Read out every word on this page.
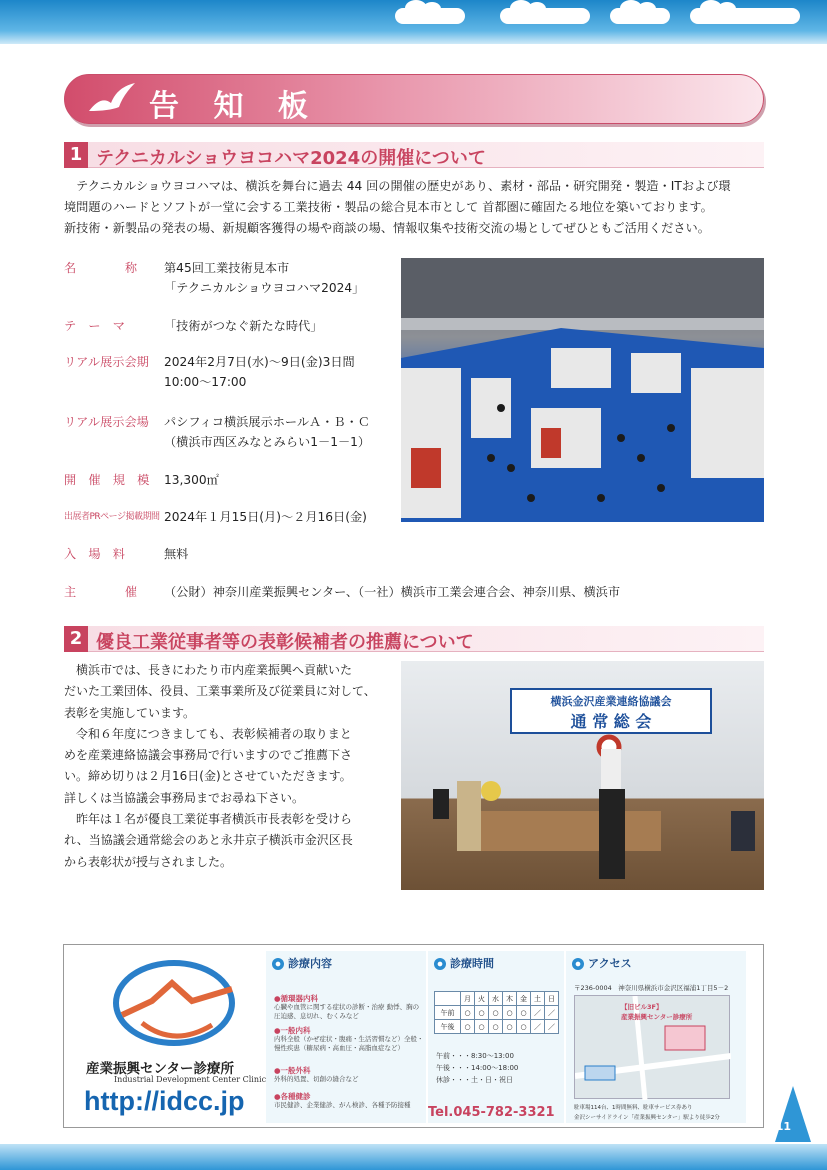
告 知 板
1 テクニカルショウヨコハマ2024の開催について
テクニカルショウヨコハマは、横浜を舞台に過去 44 回の開催の歴史があり、素材・部品・研究開発・製造・ITおよび環
境問題のハードとソフトが一堂に会する工業技術・製品の総合見本市として 首都圏に確固たる地位を築いております。
新技術・新製品の発表の場、新規顧客獲得の場や商談の場、情報収集や技術交流の場としてぜひともご活用ください。
名　　　　称	第45回工業技術見本市
「テクニカルショウヨコハマ2024」
テ　ー　マ	「技術がつなぐ新たな時代」
リアル展示会期	2024年2月7日(水)～9日(金)3日間
10:00～17:00
リアル展示会場	パシフィコ横浜展示ホールＡ・Ｂ・Ｃ
（横浜市西区みなとみらい1－1－1）
開　催　規　模	13,300㎡
出展者PRページ掲載期間 2024年１月15日(月)～２月16日(金)
入　場　料	無料
主　　　　催	（公財）神奈川産業振興センター、（一社）横浜市工業会連合会、神奈川県、横浜市
2 優良工業従事者等の表彰候補者の推薦について
　横浜市では、長きにわたり市内産業振興へ貢献いた
だいた工業団体、役員、工業事業所及び従業員に対して、
表彰を実施しています。
　令和６年度につきましても、表彰候補者の取りまと
めを産業連絡協議会事務局で行いますのでご推薦下さ
い。締め切りは２月16日(金)とさせていただきます。
詳しくは当協議会事務局までお尋ね下さい。
　昨年は１名が優良工業従事者横浜市長表彰を受けら
れ、当協議会通常総会のあと永井京子横浜市金沢区長
から表彰状が授与されました。
横浜金沢産業連絡協議会
通 常 総 会
産業振興センター診療所
Industrial Development Center Clinic
http://idcc.jp
診療内容
●循環器内科
心臓や血管に関する症状の診断・治療 動悸、胸の圧迫感、息切れ、むくみなど
●一般内科
内科全般（かぜ症状・腹痛・生活習慣など）全般・慢性疾患（糖尿病・高血圧・高脂血症など）
●一般外科
外科的処置、切創の縫合など
●各種健診
市民健診、企業健診、がん検診、各種予防接種
診療時間
	月	火	水	木	金	土	日
午前	○	○	○	○	○	／	／
午後	○	○	○	○	○	／	／
午前・・・8:30～13:00
午後・・・14:00～18:00
休診・・・土・日・祝日
Tel.045-782-3321
アクセス
〒236-0004　神奈川県横浜市金沢区福浦1丁目5－2
【旧ビル3F】
産業振興センター診療所
駐車場114台、1時間無料、駐車サービス券あり
金沢シーサイドライン「産業振興センター」駅より徒歩2分
11
